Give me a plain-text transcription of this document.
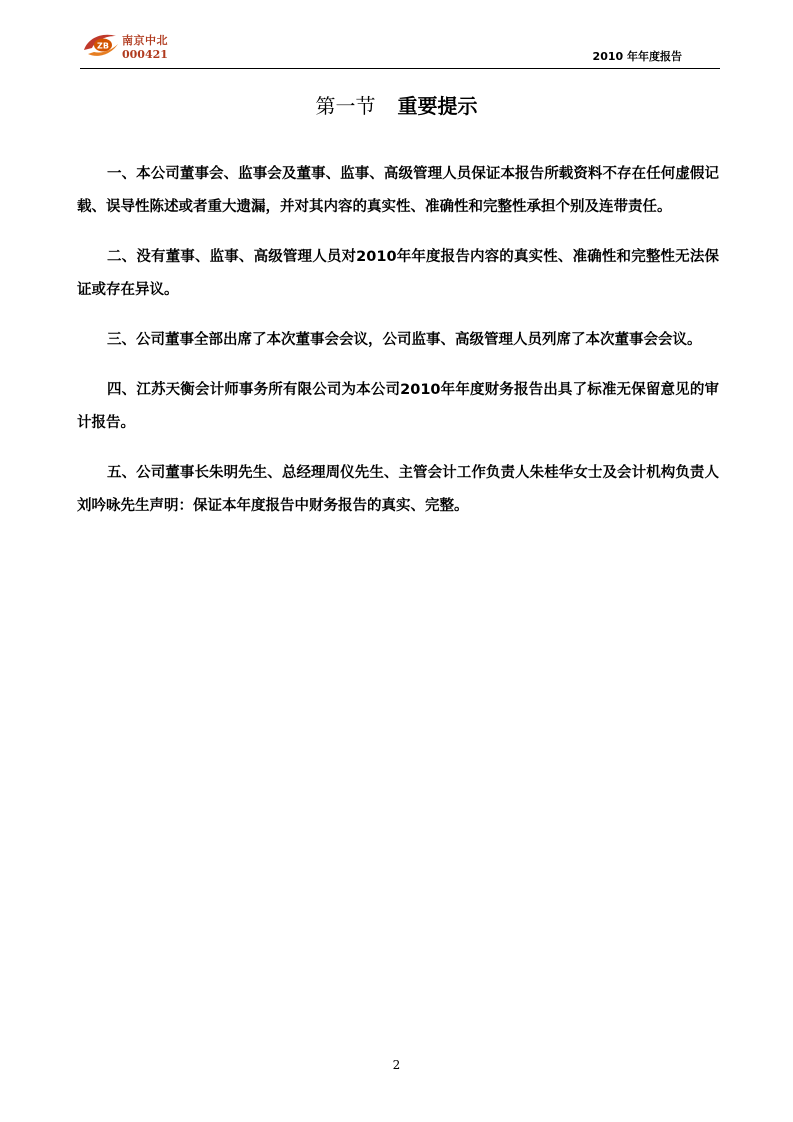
ZB 南京中北
000421	2010 年年度报告
第一节 重要提示

一、本公司董事会、监事会及董事、监事、高级管理人员保证本报告所载资料不存在任何虚假记载、误导性陈述或者重大遗漏，并对其内容的真实性、准确性和完整性承担个别及连带责任。

二、没有董事、监事、高级管理人员对2010年年度报告内容的真实性、准确性和完整性无法保证或存在异议。

三、公司董事全部出席了本次董事会会议，公司监事、高级管理人员列席了本次董事会会议。

四、江苏天衡会计师事务所有限公司为本公司2010年年度财务报告出具了标准无保留意见的审计报告。

五、公司董事长朱明先生、总经理周仪先生、主管会计工作负责人朱桂华女士及会计机构负责人刘吟咏先生声明：保证本年度报告中财务报告的真实、完整。

2
